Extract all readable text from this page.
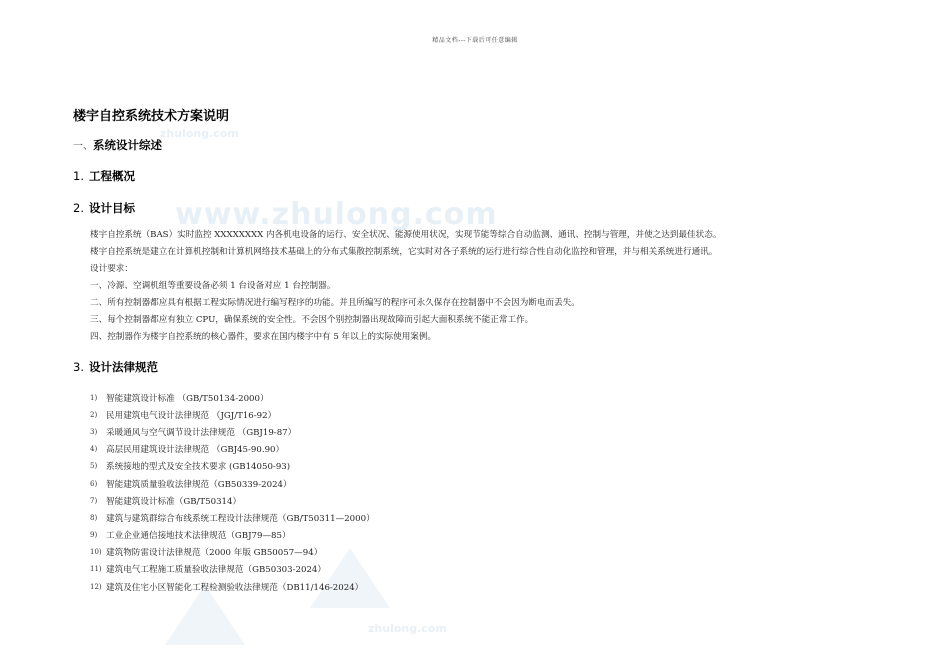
www.zhulong.com
zhulong.com
zhulong.com
精品文档---下载后可任意编辑
楼宇自控系统技术方案说明
一、系统设计综述
1. 工程概况
2. 设计目标
楼宇自控系统（BAS）实时监控 XXXXXXXX 内各机电设备的运行、安全状况、能源使用状况，实现节能等综合自动监测、通讯、控制与管理，并使之达到最佳状态。
楼宇自控系统是建立在计算机控制和计算机网络技术基础上的分布式集散控制系统，它实时对各子系统的运行进行综合性自动化监控和管理，并与相关系统进行通讯。
设计要求：
一、冷源、空调机组等重要设备必须 1 台设备对应 1 台控制器。
二、所有控制器都应具有根据工程实际情况进行编写程序的功能。并且所编写的程序可永久保存在控制器中不会因为断电而丢失。
三、每个控制器都应有独立 CPU，确保系统的安全性。不会因个别控制器出现故障而引起大面积系统不能正常工作。
四、控制器作为楼宇自控系统的核心器件，要求在国内楼宇中有 5 年以上的实际使用案例。
3. 设计法律规范
1)	智能建筑设计标准 （GB/T50134-2000）
2)	民用建筑电气设计法律规范 （JGJ/T16-92）
3)	采暖通风与空气调节设计法律规范 （GBJ19-87）
4)	高层民用建筑设计法律规范 （GBJ45-90.90）
5)	系统接地的型式及安全技术要求 (GB14050-93)
6)	智能建筑质量验收法律规范（GB50339-2024）
7)	智能建筑设计标准（GB/T50314）
8)	建筑与建筑群综合布线系统工程设计法律规范（GB/T50311—2000）
9)	工业企业通信接地技术法律规范（GBJ79—85）
10) 建筑物防雷设计法律规范（2000 年版 GB50057—94）
11) 建筑电气工程施工质量验收法律规范（GB50303-2024）
12) 建筑及住宅小区智能化工程检测验收法律规范（DB11/146-2024）
